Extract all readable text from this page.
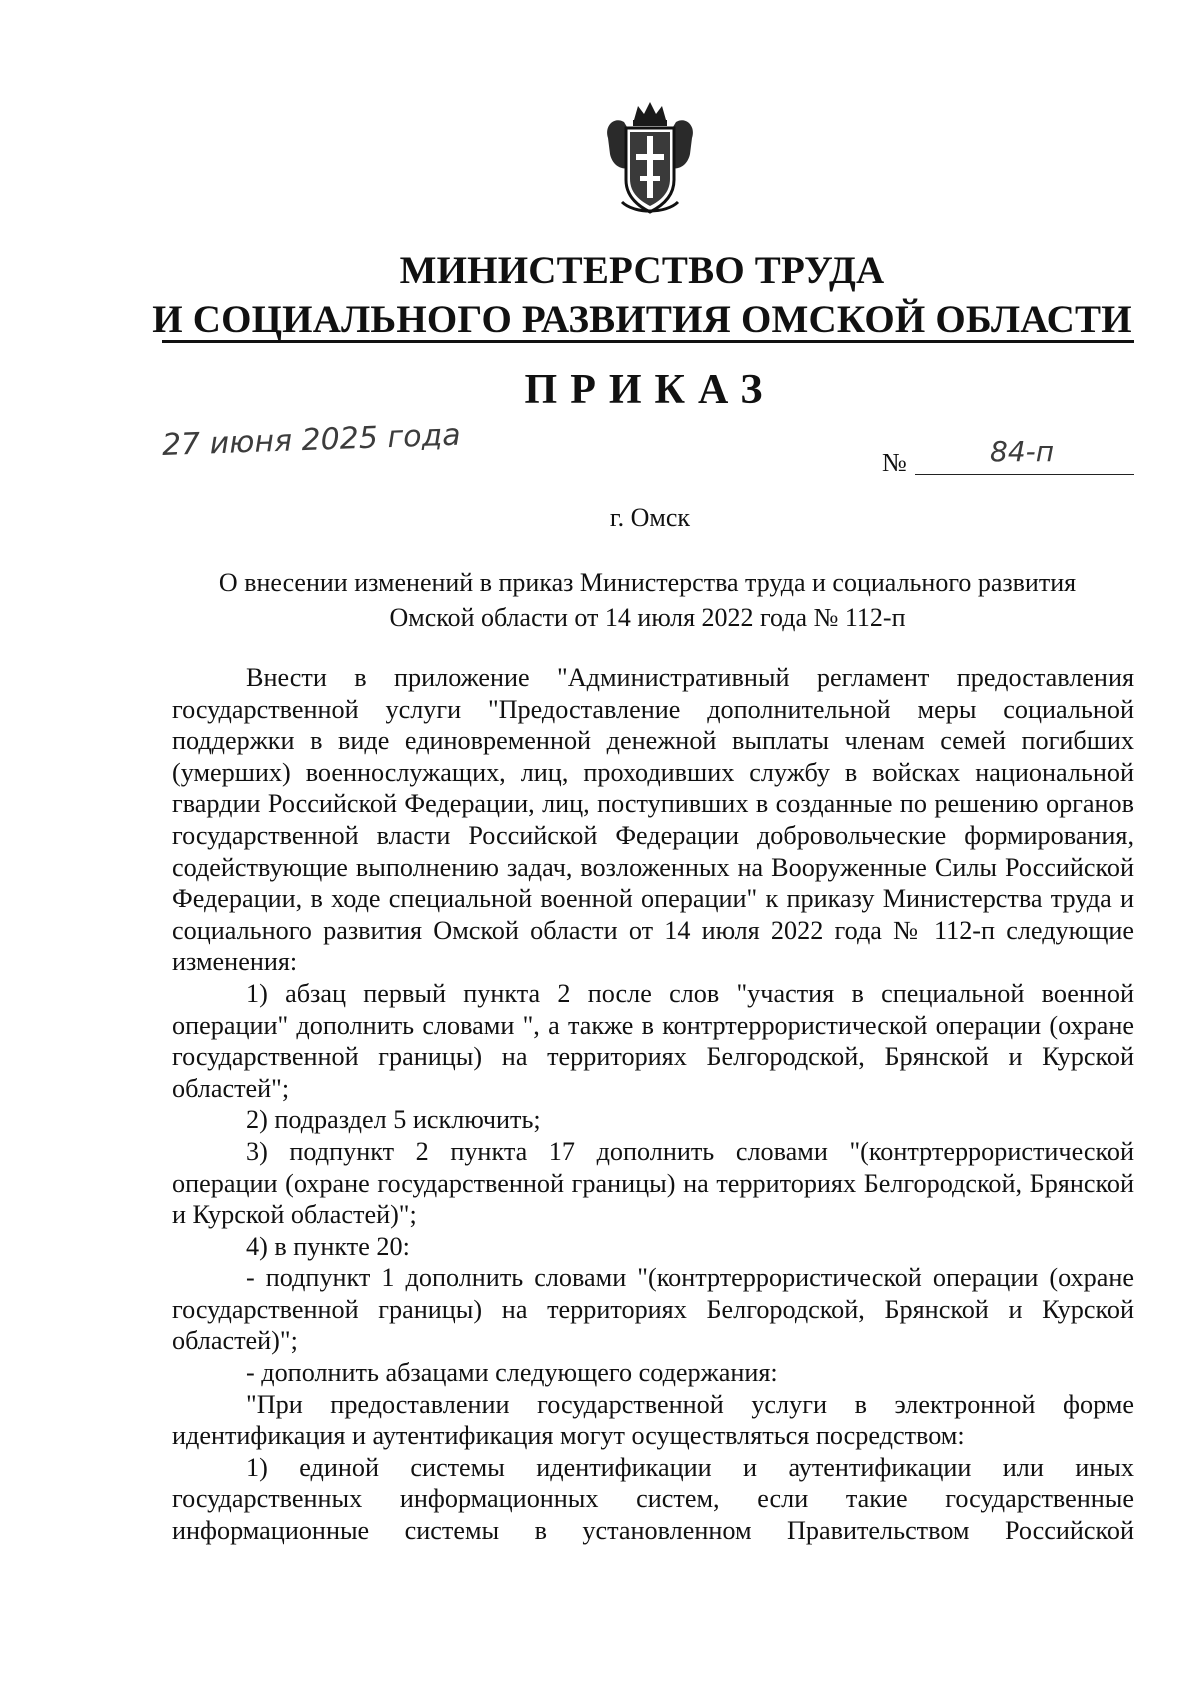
МИНИСТЕРСТВО ТРУДА
И СОЦИАЛЬНОГО РАЗВИТИЯ ОМСКОЙ ОБЛАСТИ
ПРИКАЗ
27 июня 2025 года	№	84-п
г. Омск
О внесении изменений в приказ Министерства труда и социального развития
Омской области от 14 июля 2022 года № 112-п

Внести в приложение "Административный регламент предоставления государственной услуги "Предоставление дополнительной меры социальной поддержки в виде единовременной денежной выплаты членам семей погибших (умерших) военнослужащих, лиц, проходивших службу в войсках национальной гвардии Российской Федерации, лиц, поступивших в созданные по решению органов государственной власти Российской Федерации добровольческие формирования, содействующие выполнению задач, возложенных на Вооруженные Силы Российской Федерации, в ходе специальной военной операции" к приказу Министерства труда и социального развития Омской области от 14 июля 2022 года № 112-п следующие изменения:

1) абзац первый пункта 2 после слов "участия в специальной военной операции" дополнить словами ", а также в контртеррористической операции (охране государственной границы) на территориях Белгородской, Брянской и Курской областей";

2) подраздел 5 исключить;

3) подпункт 2 пункта 17 дополнить словами "(контртеррористической операции (охране государственной границы) на территориях Белгородской, Брянской и Курской областей)";

4) в пункте 20:

- подпункт 1 дополнить словами "(контртеррористической операции (охране государственной границы) на территориях Белгородской, Брянской и Курской областей)";

- дополнить абзацами следующего содержания:

"При предоставлении государственной услуги в электронной форме идентификация и аутентификация могут осуществляться посредством:

1) единой системы идентификации и аутентификации или иных государственных информационных систем, если такие государственные информационные системы в установленном Правительством Российской
